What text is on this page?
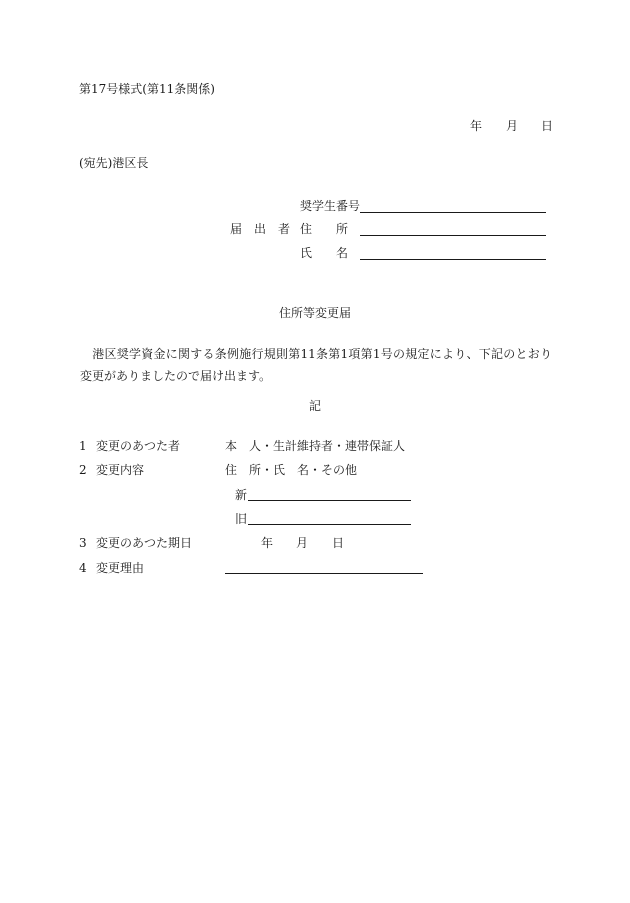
第17号様式(第11条関係)
年 月 日
(宛先)港区長
奨学生番号
届　出　者 住　　所
氏　　名
住所等変更届
　港区奨学資金に関する条例施行規則第11条第1項第1号の規定により、下記のとおり変更がありましたので届け出ます。
記
1 変更のあつた者	本　人・生計維持者・連帯保証人
2 変更内容	住　所・氏　名・その他
新
旧
3 変更のあつた期日	年 月 日
4 変更理由
